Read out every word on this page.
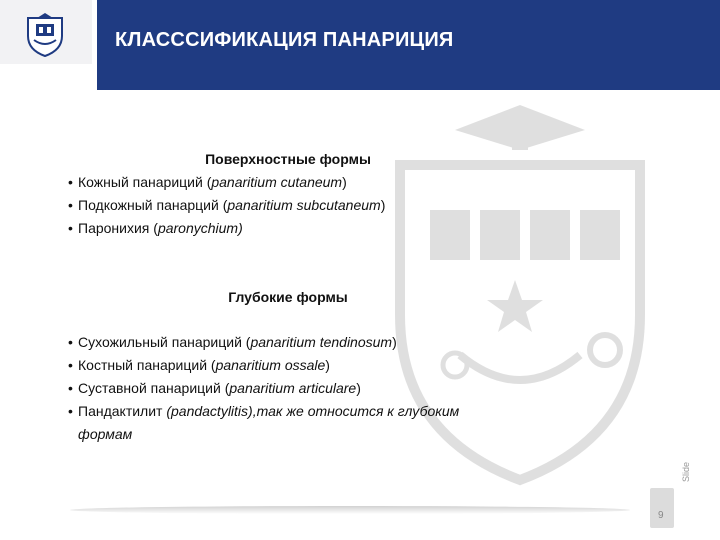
КЛАСССИФИКАЦИЯ ПАНАРИЦИЯ
Поверхностные формы
• Кожный панариций (panaritium cutaneum)
• Подкожный панарций (panaritium subcutaneum)
• Паронихия (paronychium)
Глубокие формы
• Сухожильный панариций (panaritium tendinosum)
• Костный панариций (panaritium ossale)
• Суставной панариций (panaritium articulare)
• Пандактилит (pandactylitis),так же относится к глубоким формам
9
Slide
